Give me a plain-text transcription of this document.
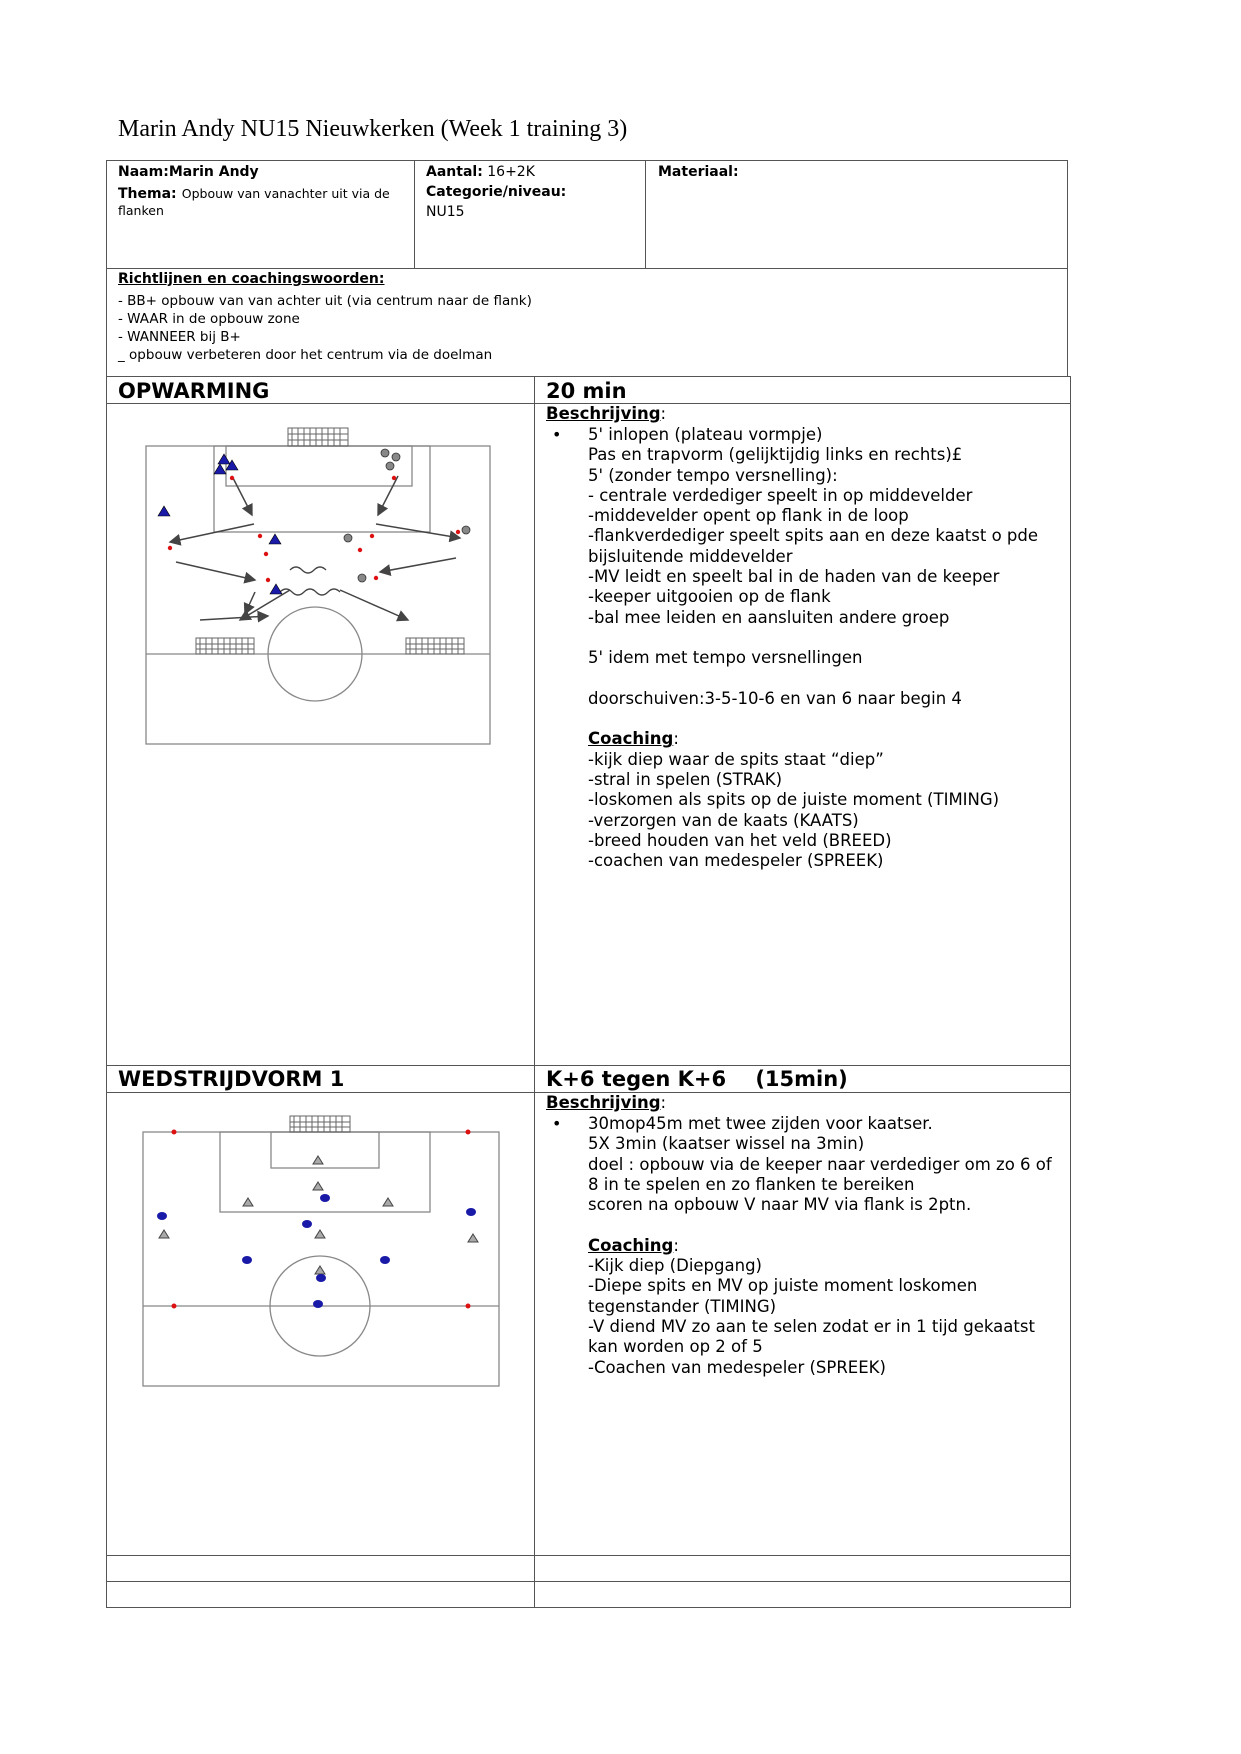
Marin Andy NU15 Nieuwkerken (Week 1 training 3)
Naam:Marin Andy
Thema: Opbouw van vanachter uit via de
flanken
Aantal: 16+2K
Categorie/niveau:
NU15
Materiaal:
Richtlijnen en coachingswoorden:
- BB+ opbouw van van achter uit (via centrum naar de flank)
- WAAR in de opbouw zone
- WANNEER bij B+
_ opbouw verbeteren door het centrum via de doelman
OPWARMING	20 min
Beschrijving:
• 5' inlopen (plateau vormpje)
Pas en trapvorm (gelijktijdig links en rechts)£
5' (zonder tempo versnelling):
- centrale verdediger speelt in op middevelder
-middevelder opent op flank in de loop
-flankverdediger speelt spits aan en deze kaatst o pde
bijsluitende middevelder
-MV leidt en speelt bal in de haden van de keeper
-keeper uitgooien op de flank
-bal mee leiden en aansluiten andere groep
5' idem met tempo versnellingen
doorschuiven:3-5-10-6 en van 6 naar begin 4
Coaching:
-kijk diep waar de spits staat “diep”
-stral in spelen (STRAK)
-loskomen als spits op de juiste moment (TIMING)
-verzorgen van de kaats (KAATS)
-breed houden van het veld (BREED)
-coachen van medespeler (SPREEK)
WEDSTRIJDVORM 1	K+6 tegen K+6    (15min)
Beschrijving:
• 30mop45m met twee zijden voor kaatser.
5X 3min (kaatser wissel na 3min)
doel : opbouw via de keeper naar verdediger om zo 6 of
8 in te spelen en zo flanken te bereiken
scoren na opbouw V naar MV via flank is 2ptn.
Coaching:
-Kijk diep (Diepgang)
-Diepe spits en MV op juiste moment loskomen
tegenstander (TIMING)
-V diend MV zo aan te selen zodat er in 1 tijd gekaatst
kan worden op 2 of 5
-Coachen van medespeler (SPREEK)
